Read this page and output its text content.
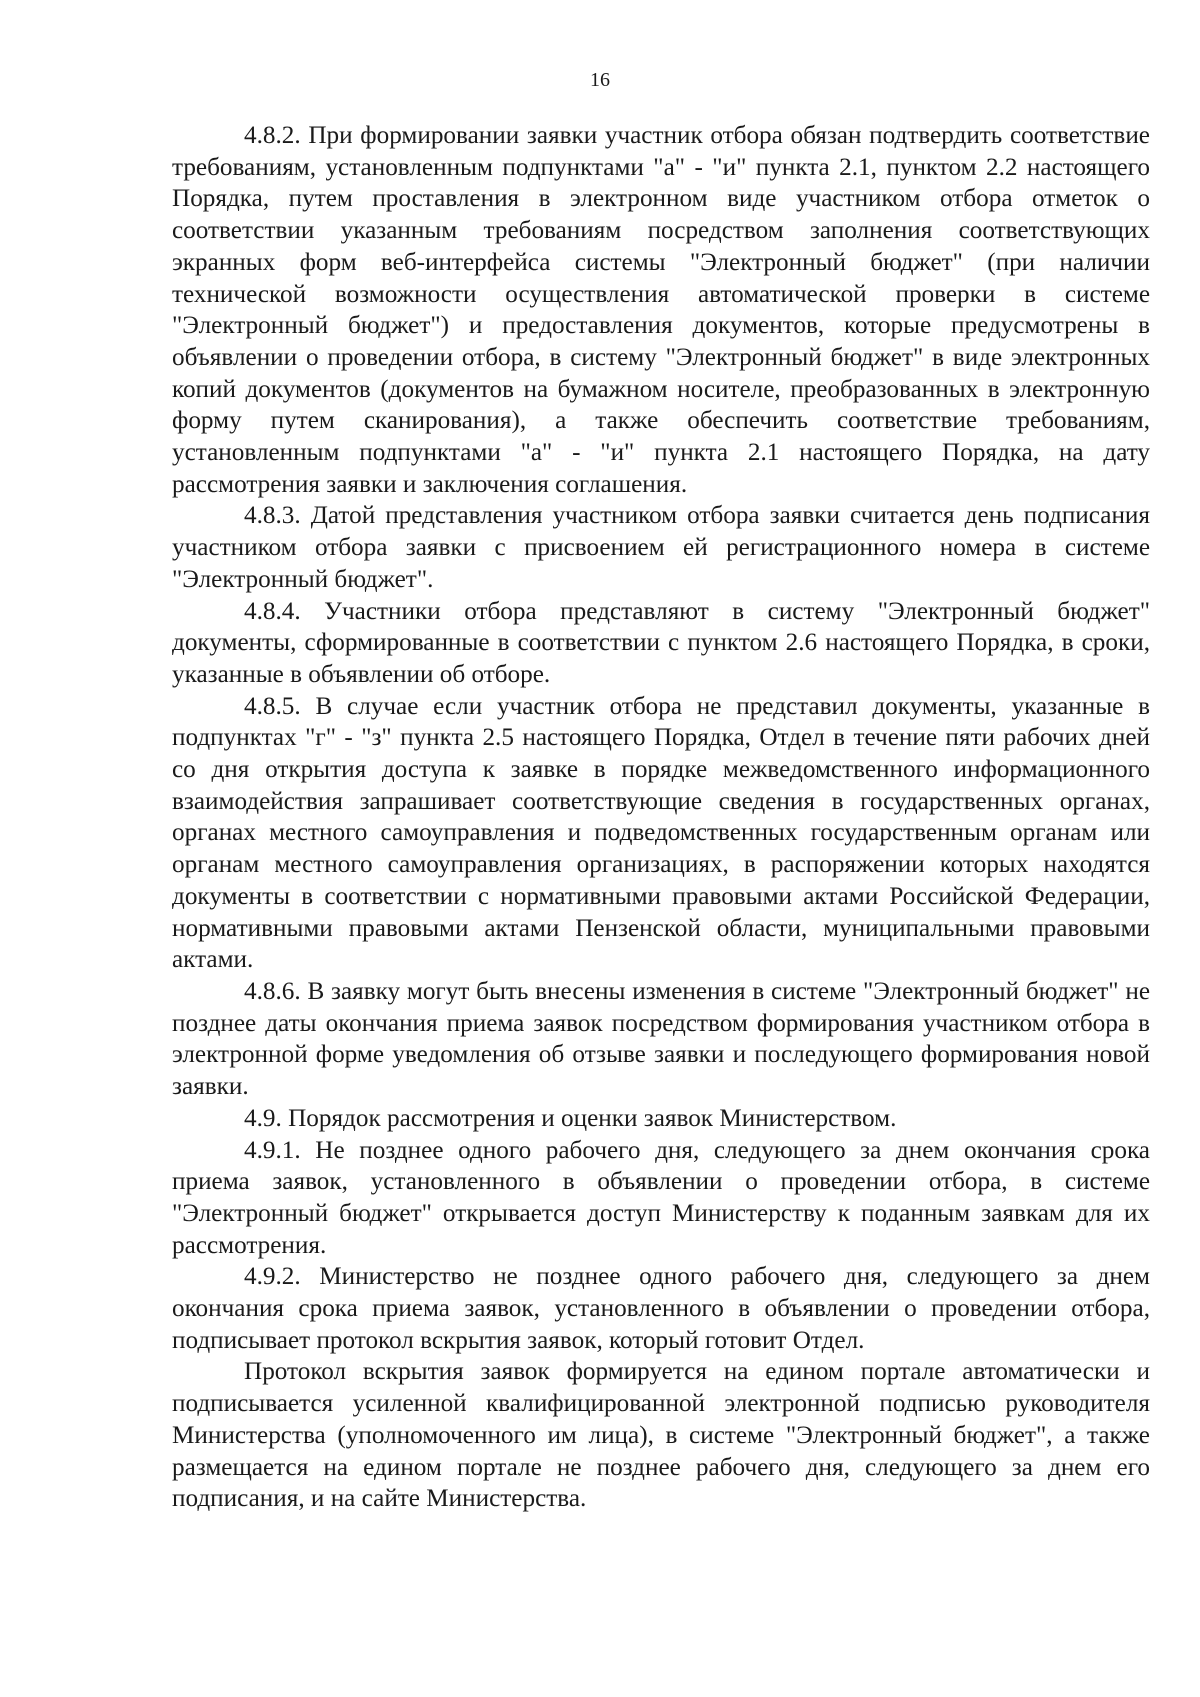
16

4.8.2. При формировании заявки участник отбора обязан подтвердить соответствие требованиям, установленным подпунктами "а" - "и" пункта 2.1, пунктом 2.2 настоящего Порядка, путем проставления в электронном виде участником отбора отметок о соответствии указанным требованиям посредством заполнения соответствующих экранных форм веб-интерфейса системы "Электронный бюджет" (при наличии технической возможности осуществления автоматической проверки в системе "Электронный бюджет") и предоставления документов, которые предусмотрены в объявлении о проведении отбора, в систему "Электронный бюджет" в виде электронных копий документов (документов на бумажном носителе, преобразованных в электронную форму путем сканирования), а также обеспечить соответствие требованиям, установленным подпунктами "а" - "и" пункта 2.1 настоящего Порядка, на дату рассмотрения заявки и заключения соглашения.

4.8.3. Датой представления участником отбора заявки считается день подписания участником отбора заявки с присвоением ей регистрационного номера в системе "Электронный бюджет".

4.8.4. Участники отбора представляют в систему "Электронный бюджет" документы, сформированные в соответствии с пунктом 2.6 настоящего Порядка, в сроки, указанные в объявлении об отборе.

4.8.5. В случае если участник отбора не представил документы, указанные в подпунктах "г" - "з" пункта 2.5 настоящего Порядка, Отдел в течение пяти рабочих дней со дня открытия доступа к заявке в порядке межведомственного информационного взаимодействия запрашивает соответствующие сведения в государственных органах, органах местного самоуправления и подведомственных государственным органам или органам местного самоуправления организациях, в распоряжении которых находятся документы в соответствии с нормативными правовыми актами Российской Федерации, нормативными правовыми актами Пензенской области, муниципальными правовыми актами.

4.8.6. В заявку могут быть внесены изменения в системе "Электронный бюджет" не позднее даты окончания приема заявок посредством формирования участником отбора в электронной форме уведомления об отзыве заявки и последующего формирования новой заявки.

4.9. Порядок рассмотрения и оценки заявок Министерством.

4.9.1. Не позднее одного рабочего дня, следующего за днем окончания срока приема заявок, установленного в объявлении о проведении отбора, в системе "Электронный бюджет" открывается доступ Министерству к поданным заявкам для их рассмотрения.

4.9.2. Министерство не позднее одного рабочего дня, следующего за днем окончания срока приема заявок, установленного в объявлении о проведении отбора, подписывает протокол вскрытия заявок, который готовит Отдел.

Протокол вскрытия заявок формируется на едином портале автоматически и подписывается усиленной квалифицированной электронной подписью руководителя Министерства (уполномоченного им лица), в системе "Электронный бюджет", а также размещается на едином портале не позднее рабочего дня, следующего за днем его подписания, и на сайте Министерства.
